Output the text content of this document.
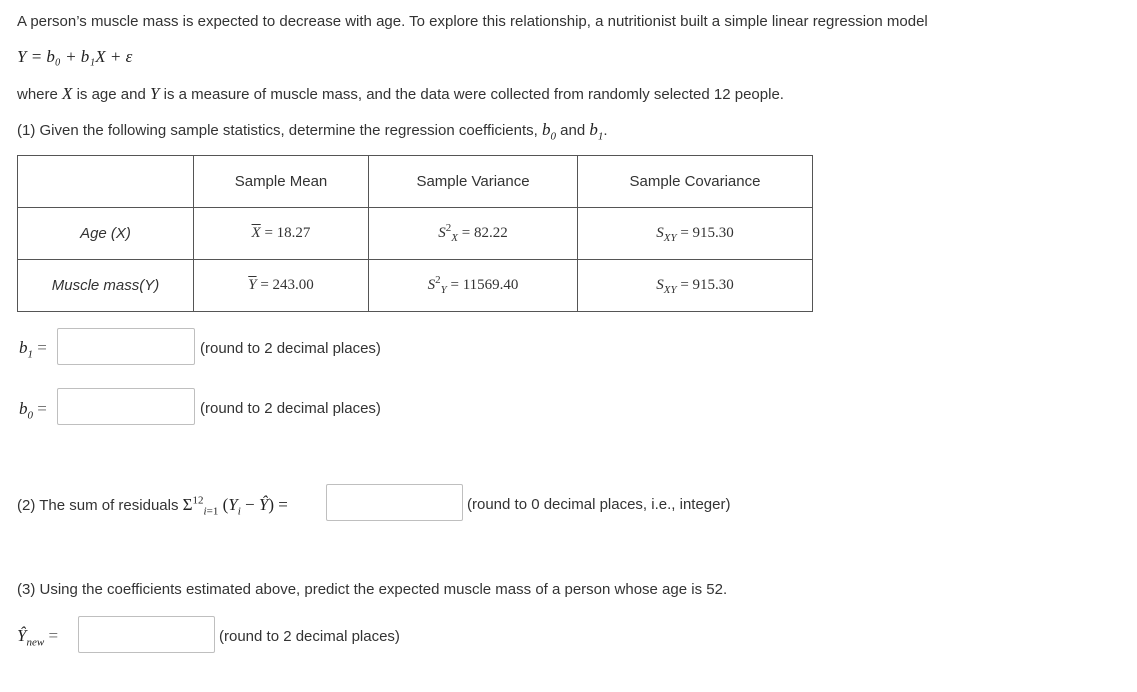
A person’s muscle mass is expected to decrease with age. To explore this relationship, a nutritionist built a simple linear regression model
Y = b₀ + b₁X + ε
where X is age and Y is a measure of muscle mass, and the data were collected from randomly selected 12 people.
(1) Given the following sample statistics, determine the regression coefficients, $b_0$ and $b_1$.
	Sample Mean	Sample Variance	Sample Covariance
Age (X)	$\overline{X} = 18.27$	$S^2_X = 82.22$	$S_{XY} = 915.30$
Muscle mass(Y)	$\overline{Y} = 243.00$	$S^2_Y = 11569.40$	$S_{XY} = 915.30$
$b_1$ =	(round to 2 decimal places)
$b_0$ =	(round to 2 decimal places)
(2) The sum of residuals $\Sigma^{12}_{i=1}$ ($Y_i$ − Ŷ) =	(round to 0 decimal places, i.e., integer)
(3) Using the coefficients estimated above, predict the expected muscle mass of a person whose age is 52.
$Ŷ_{new}$ =	(round to 2 decimal places)
